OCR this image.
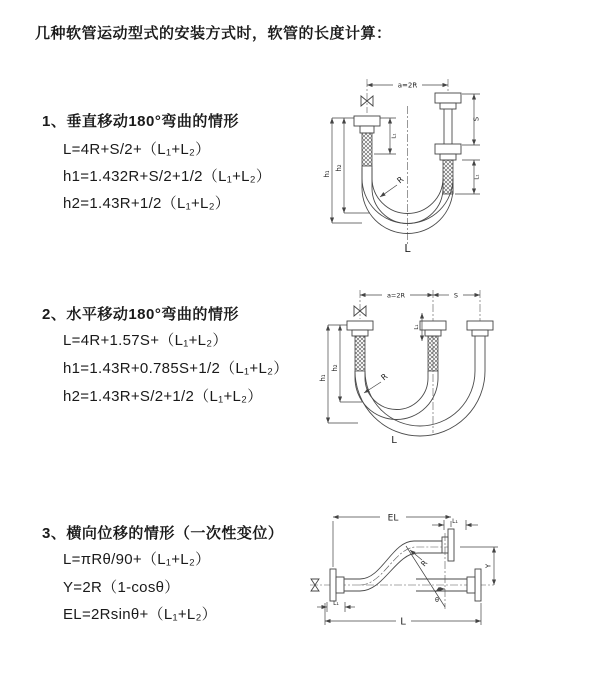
几种软管运动型式的安装方式时，软管的长度计算：
1、垂直移动180°弯曲的情形
L=4R+S/2+（L₁+L₂）
h1=1.432R+S/2+1/2（L₁+L₂）
h2=1.43R+1/2（L₁+L₂）
2、水平移动180°弯曲的情形
L=4R+1.57S+（L₁+L₂）
h1=1.43R+0.785S+1/2（L₁+L₂）
h2=1.43R+S/2+1/2（L₁+L₂）
3、横向位移的情形（一次性变位）
L=πRθ/90+（L₁+L₂）
Y=2R（1-cosθ）
EL=2Rsinθ+（L₁+L₂）
a=2R
h₁
h₂
L₁
S
L₁
R
L
a=2R	S
h₁
h₂
L₁
R
L
θ
R
EL	L₁
Y
L₁
L
